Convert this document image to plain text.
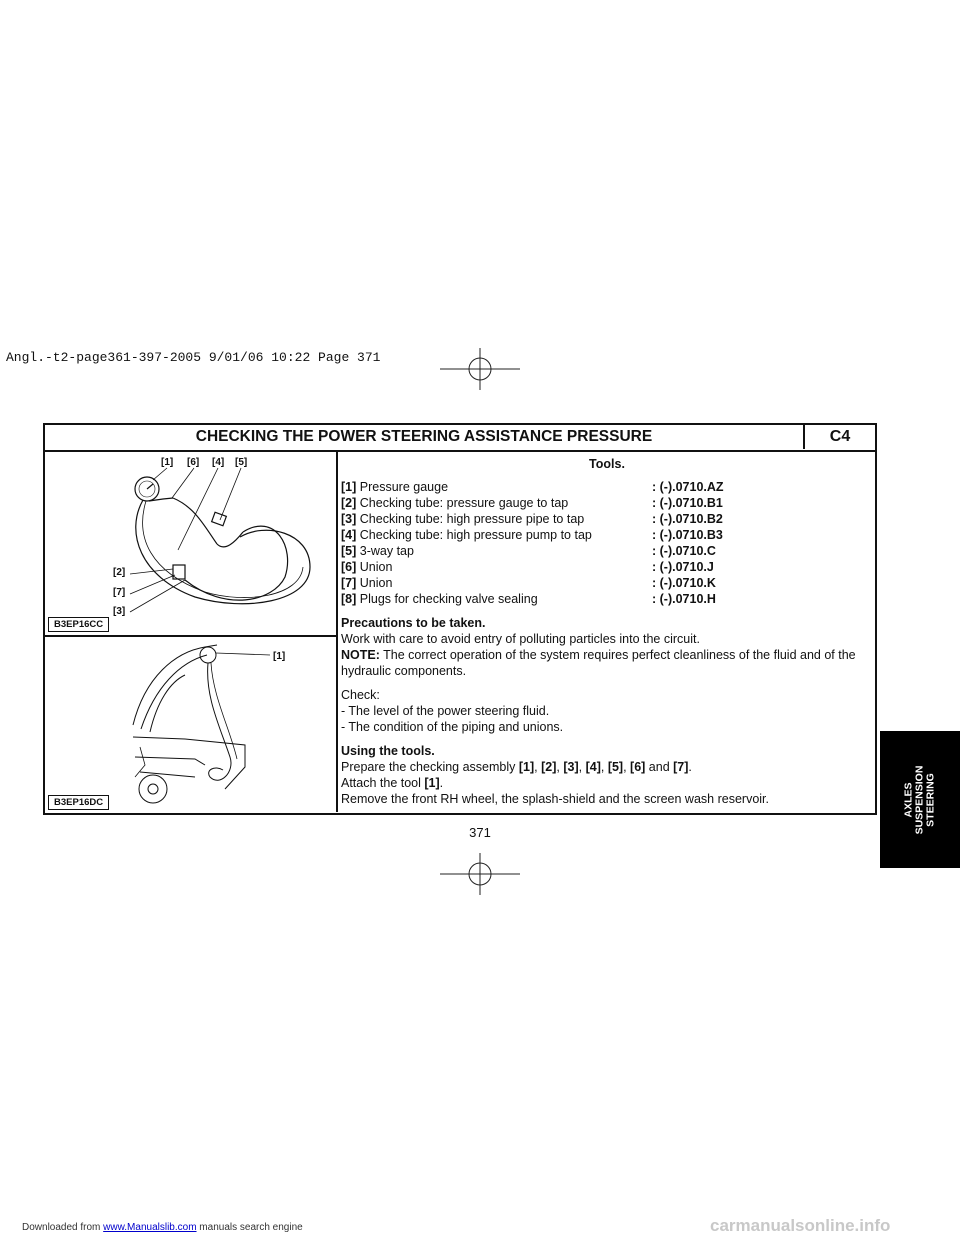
Angl.-t2-page361-397-2005 9/01/06 10:22 Page 371
CHECKING THE POWER STEERING ASSISTANCE PRESSURE	C4
[1] [6] [4] [5]
[2]
[7]
[3]
B3EP16CC
[1]
B3EP16DC
Tools.
[1] Pressure gauge	: (-).0710.AZ
[2] Checking tube: pressure gauge to tap	: (-).0710.B1
[3] Checking tube: high pressure pipe to tap	: (-).0710.B2
[4] Checking tube: high pressure pump to tap	: (-).0710.B3
[5] 3-way tap	: (-).0710.C
[6] Union	: (-).0710.J
[7] Union	: (-).0710.K
[8] Plugs for checking valve sealing	: (-).0710.H
Precautions to be taken.
Work with care to avoid entry of polluting particles into the circuit.
NOTE: The correct operation of the system requires perfect cleanliness of the fluid and of the hydraulic components.
Check:
- The level of the power steering fluid.
- The condition of the piping and unions.
Using the tools.
Prepare the checking assembly [1], [2], [3], [4], [5], [6] and [7].
Attach the tool [1].
Remove the front RH wheel, the splash-shield and the screen wash reservoir.
371
AXLES SUSPENSION STEERING
Downloaded from www.Manualslib.com manuals search engine	carmanualsonline.info
